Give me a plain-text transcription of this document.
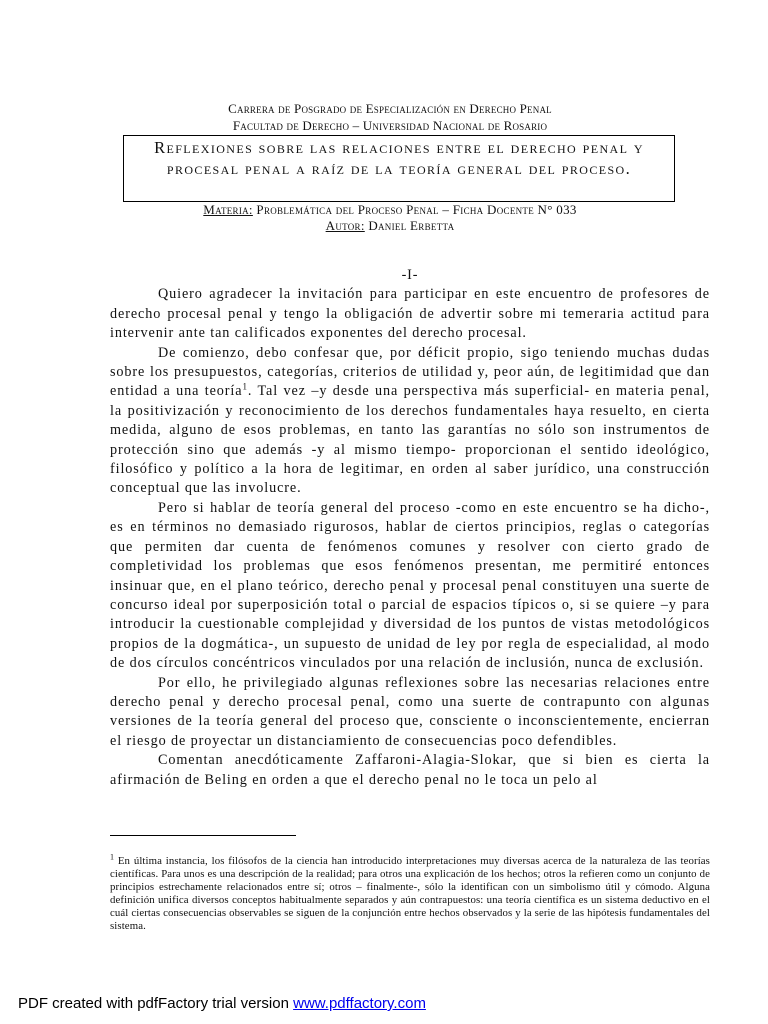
Carrera de Posgrado de Especialización en Derecho Penal
Facultad de Derecho – Universidad Nacional de Rosario
Reflexiones sobre las relaciones entre el derecho penal y procesal penal a raíz de la teoría general del proceso.
Materia: Problemática del Proceso Penal – Ficha Docente N° 033
Autor: Daniel Erbetta
-I-

Quiero agradecer la invitación para participar en este encuentro de profesores de derecho procesal penal y tengo la obligación de advertir sobre mi temeraria actitud para intervenir ante tan calificados exponentes del derecho procesal.

De comienzo, debo confesar que, por déficit propio, sigo teniendo muchas dudas sobre los presupuestos, categorías, criterios de utilidad y, peor aún, de legitimidad que dan entidad a una teoría$^1$. Tal vez –y desde una perspectiva más superficial- en materia penal, la positivización y reconocimiento de los derechos fundamentales haya resuelto, en cierta medida, alguno de esos problemas, en tanto las garantías no sólo son instrumentos de protección sino que además -y al mismo tiempo- proporcionan el sentido ideológico, filosófico y político a la hora de legitimar, en orden al saber jurídico, una construcción conceptual que las involucre.

Pero si hablar de teoría general del proceso -como en este encuentro se ha dicho-, es en términos no demasiado rigurosos, hablar de ciertos principios, reglas o categorías que permiten dar cuenta de fenómenos comunes y resolver con cierto grado de completividad los problemas que esos fenómenos presentan, me permitiré entonces insinuar que, en el plano teórico, derecho penal y procesal penal constituyen una suerte de concurso ideal por superposición total o parcial de espacios típicos o, si se quiere –y para introducir la cuestionable complejidad y diversidad de los puntos de vistas metodológicos propios de la dogmática-, un supuesto de unidad de ley por regla de especialidad, al modo de dos círculos concéntricos vinculados por una relación de inclusión, nunca de exclusión.

Por ello, he privilegiado algunas reflexiones sobre las necesarias relaciones entre derecho penal y derecho procesal penal, como una suerte de contrapunto con algunas versiones de la teoría general del proceso que, consciente o inconscientemente, encierran el riesgo de proyectar un distanciamiento de consecuencias poco defendibles.

Comentan anecdóticamente Zaffaroni-Alagia-Slokar, que si bien es cierta la afirmación de Beling en orden a que el derecho penal no le toca un pelo al

$^1$ En última instancia, los filósofos de la ciencia han introducido interpretaciones muy diversas acerca de la naturaleza de las teorías científicas. Para unos es una descripción de la realidad; para otros una explicación de los hechos; otros la refieren como un conjunto de principios estrechamente relacionados entre sí; otros – finalmente-, sólo la identifican con un simbolismo útil y cómodo. Alguna definición unifica diversos conceptos habitualmente separados y aún contrapuestos: una teoría científica es un sistema deductivo en el cuál ciertas consecuencias observables se siguen de la conjunción entre hechos observados y la serie de las hipótesis fundamentales del sistema.
PDF created with pdfFactory trial version www.pdffactory.com
